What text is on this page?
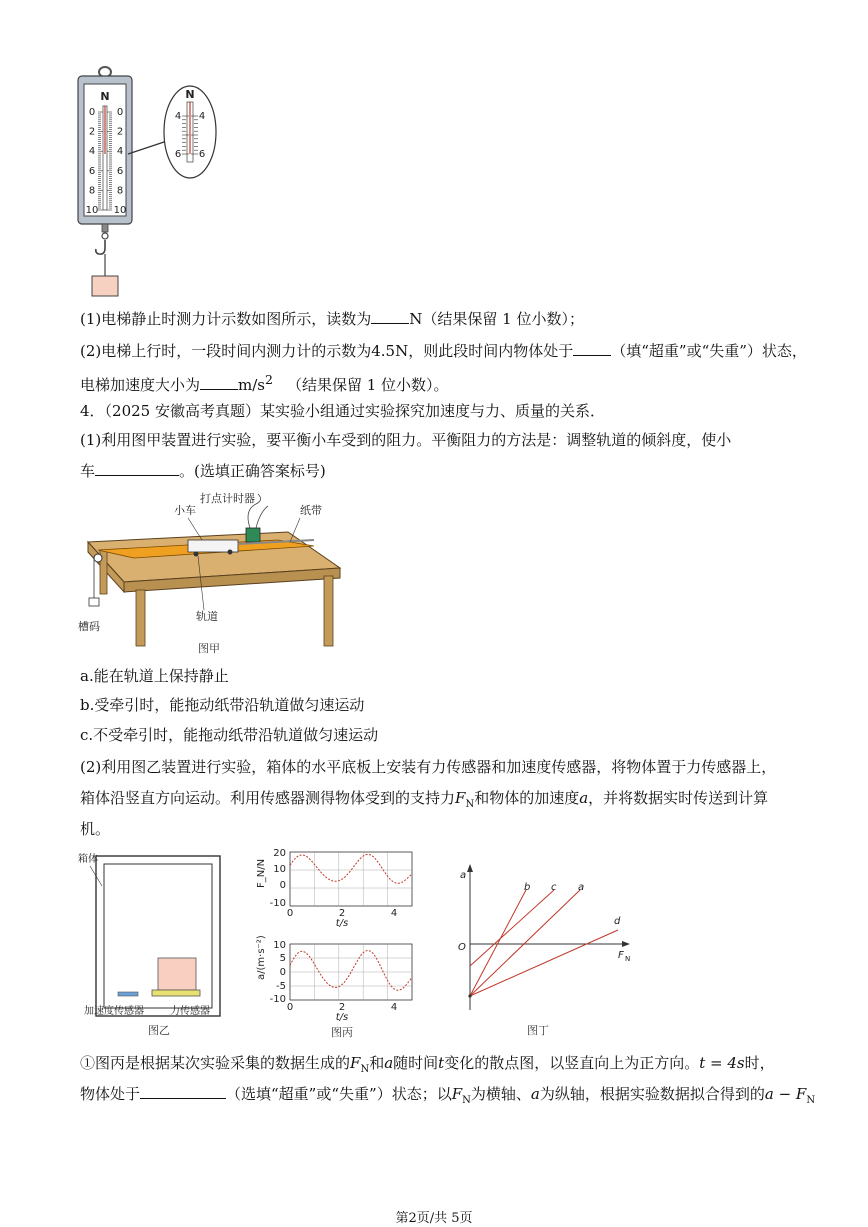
N
0 0
2 2
4 4
6 6
8 8
10 10
N
4 4
6 6
(1)电梯静止时测力计示数如图所示，读数为	N（结果保留 1 位小数）；
(2)电梯上行时，一段时间内测力计的示数为4.5N，则此段时间内物体处于	（填“超重”或“失重”）状态，
电梯加速度大小为	$m/s^2$ （结果保留 1 位小数）。
4．（2025 安徽高考真题）某实验小组通过实验探究加速度与力、质量的关系．
(1)利用图甲装置进行实验，要平衡小车受到的阻力。平衡阻力的方法是：调整轨道的倾斜度，使小
车	。(选填正确答案标号)
打点计时器
小车	纸带
轨道
槽码
图甲
a.能在轨道上保持静止
b.受牵引时，能拖动纸带沿轨道做匀速运动
c.不受牵引时，能拖动纸带沿轨道做匀速运动
(2)利用图乙装置进行实验，箱体的水平底板上安装有力传感器和加速度传感器，将物体置于力传感器上，
箱体沿竖直方向运动。利用传感器测得物体受到的支持力$F_N$和物体的加速度a，并将数据实时传送到计算
机。
箱体
加速度传感器	力传感器
图乙
F_N/N
20
10
0
-10
0	2	4
t/s
a/(m·s⁻²) 10
5
0
-5
-10
0	2	4
t/s
图丙
a
O
F N
b c a
d
图丁
①图丙是根据某次实验采集的数据生成的$F_N$和a随时间t变化的散点图，以竖直向上为正方向。t = 4s时，
物体处于	（选填“超重”或“失重”）状态；以$F_N$为横轴、a为纵轴，根据实验数据拟合得到的$a - F_N$
第2页/共 5页
